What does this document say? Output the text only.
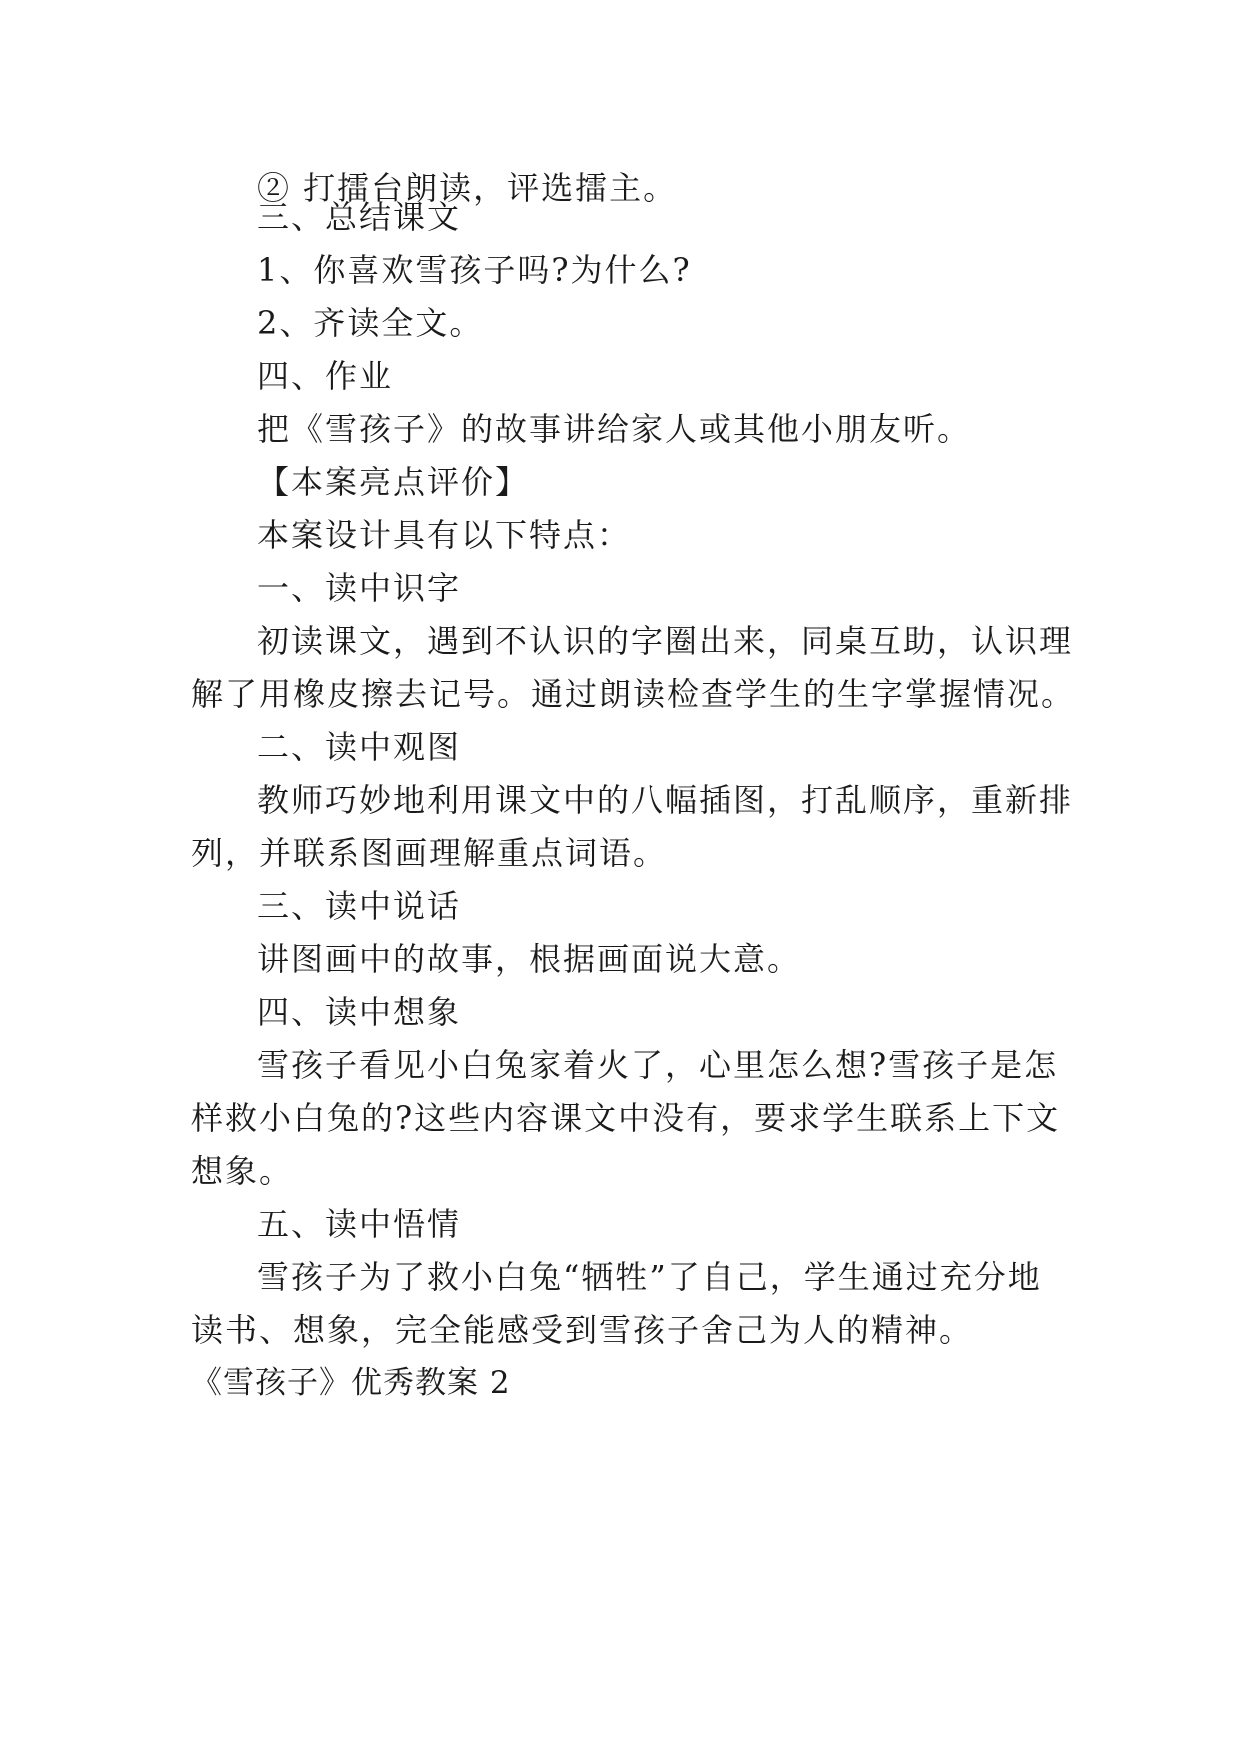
② 打擂台朗读，评选擂主。
三、总结课文
1、你喜欢雪孩子吗?为什么?
2、齐读全文。
四、作业
把《雪孩子》的故事讲给家人或其他小朋友听。
【本案亮点评价】
本案设计具有以下特点：
一、读中识字
初读课文，遇到不认识的字圈出来，同桌互助，认识理
解了用橡皮擦去记号。通过朗读检查学生的生字掌握情况。
二、读中观图
教师巧妙地利用课文中的八幅插图，打乱顺序，重新排
列，并联系图画理解重点词语。
三、读中说话
讲图画中的故事，根据画面说大意。
四、读中想象
雪孩子看见小白兔家着火了，心里怎么想?雪孩子是怎
样救小白兔的?这些内容课文中没有，要求学生联系上下文
想象。
五、读中悟情
雪孩子为了救小白兔“牺牲”了自己，学生通过充分地
读书、想象，完全能感受到雪孩子舍己为人的精神。
《雪孩子》优秀教案 2
